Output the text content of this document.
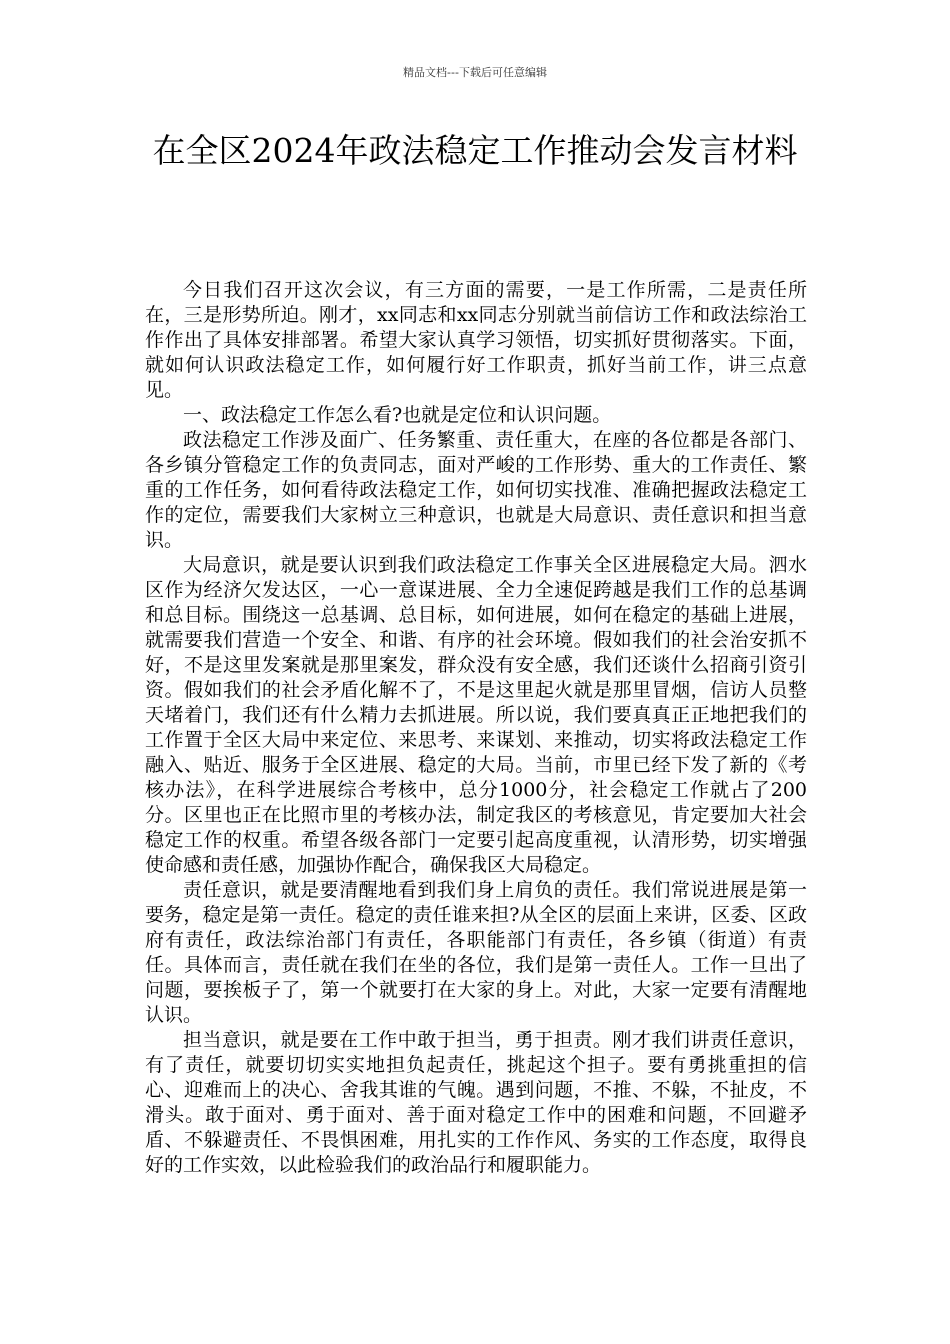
精品文档---下载后可任意编辑
在全区2024年政法稳定工作推动会发言材料

今日我们召开这次会议，有三方面的需要，一是工作所需，二是责任所在，三是形势所迫。刚才，xx同志和xx同志分别就当前信访工作和政法综治工作作出了具体安排部署。希望大家认真学习领悟，切实抓好贯彻落实。下面，就如何认识政法稳定工作，如何履行好工作职责，抓好当前工作，讲三点意见。

一、政法稳定工作怎么看?也就是定位和认识问题。

政法稳定工作涉及面广、任务繁重、责任重大，在座的各位都是各部门、各乡镇分管稳定工作的负责同志，面对严峻的工作形势、重大的工作责任、繁重的工作任务，如何看待政法稳定工作，如何切实找准、准确把握政法稳定工作的定位，需要我们大家树立三种意识，也就是大局意识、责任意识和担当意识。

大局意识，就是要认识到我们政法稳定工作事关全区进展稳定大局。泗水区作为经济欠发达区，一心一意谋进展、全力全速促跨越是我们工作的总基调和总目标。围绕这一总基调、总目标，如何进展，如何在稳定的基础上进展，就需要我们营造一个安全、和谐、有序的社会环境。假如我们的社会治安抓不好，不是这里发案就是那里案发，群众没有安全感，我们还谈什么招商引资引资。假如我们的社会矛盾化解不了，不是这里起火就是那里冒烟，信访人员整天堵着门，我们还有什么精力去抓进展。所以说，我们要真真正正地把我们的工作置于全区大局中来定位、来思考、来谋划、来推动，切实将政法稳定工作融入、贴近、服务于全区进展、稳定的大局。当前，市里已经下发了新的《考核办法》，在科学进展综合考核中，总分1000分，社会稳定工作就占了200分。区里也正在比照市里的考核办法，制定我区的考核意见，肯定要加大社会稳定工作的权重。希望各级各部门一定要引起高度重视，认清形势，切实增强使命感和责任感，加强协作配合，确保我区大局稳定。

责任意识，就是要清醒地看到我们身上肩负的责任。我们常说进展是第一要务，稳定是第一责任。稳定的责任谁来担?从全区的层面上来讲，区委、区政府有责任，政法综治部门有责任，各职能部门有责任，各乡镇（街道）有责任。具体而言，责任就在我们在坐的各位，我们是第一责任人。工作一旦出了问题，要挨板子了，第一个就要打在大家的身上。对此，大家一定要有清醒地认识。

担当意识，就是要在工作中敢于担当，勇于担责。刚才我们讲责任意识，有了责任，就要切切实实地担负起责任，挑起这个担子。要有勇挑重担的信心、迎难而上的决心、舍我其谁的气魄。遇到问题，不推、不躲，不扯皮，不滑头。敢于面对、勇于面对、善于面对稳定工作中的困难和问题，不回避矛盾、不躲避责任、不畏惧困难，用扎实的工作作风、务实的工作态度，取得良好的工作实效，以此检验我们的政治品行和履职能力。
